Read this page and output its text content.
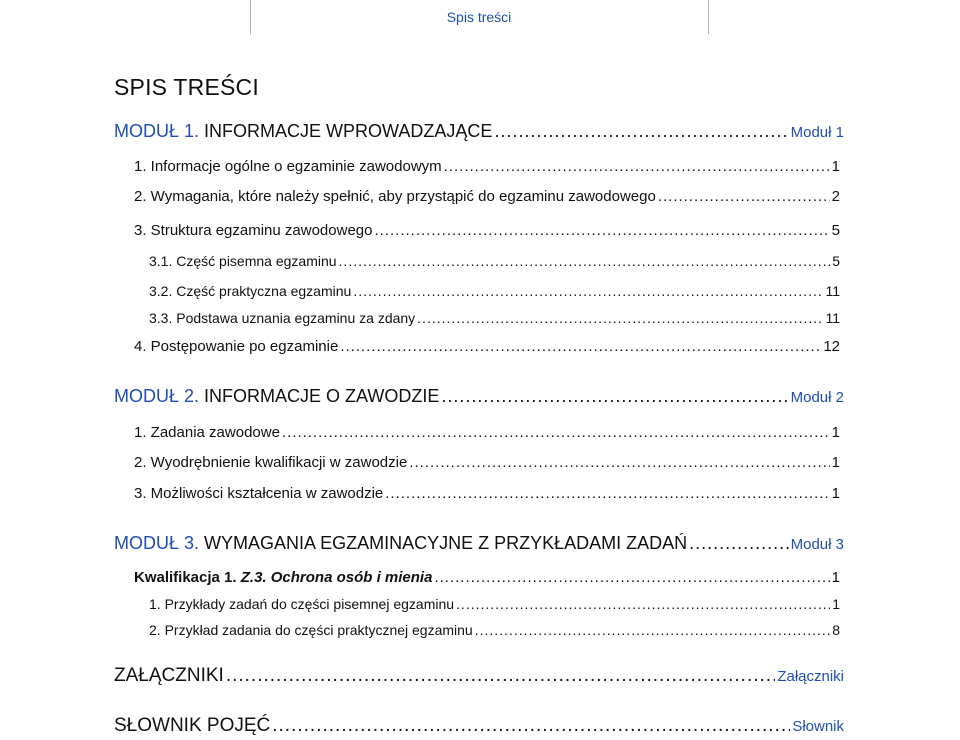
Spis treści
SPIS TREŚCI
MODUŁ 1. INFORMACJE WPROWADZAJĄCE .....	Moduł 1
1. Informacje ogólne o egzaminie zawodowym .....	1
2. Wymagania, które należy spełnić, aby przystąpić do egzaminu zawodowego .....	2
3. Struktura egzaminu zawodowego .....	5
3.1. Część pisemna egzaminu .....	5
3.2. Część praktyczna egzaminu .....	11
3.3. Podstawa uznania egzaminu za zdany .....	11
4. Postępowanie po egzaminie .....	12
MODUŁ 2. INFORMACJE O ZAWODZIE .....	Moduł 2
1. Zadania zawodowe .....	1
2. Wyodrębnienie kwalifikacji w zawodzie .....	1
3. Możliwości kształcenia w zawodzie .....	1
MODUŁ 3. WYMAGANIA EGZAMINACYJNE Z PRZYKŁADAMI ZADAŃ .....	Moduł 3
Kwalifikacja 1. Z.3. Ochrona osób i mienia .....	1
1. Przykłady zadań do części pisemnej egzaminu .....	1
2. Przykład zadania do części praktycznej egzaminu .....	8
ZAŁĄCZNIKI .....	Załączniki
SŁOWNIK POJĘĆ .....	Słownik
